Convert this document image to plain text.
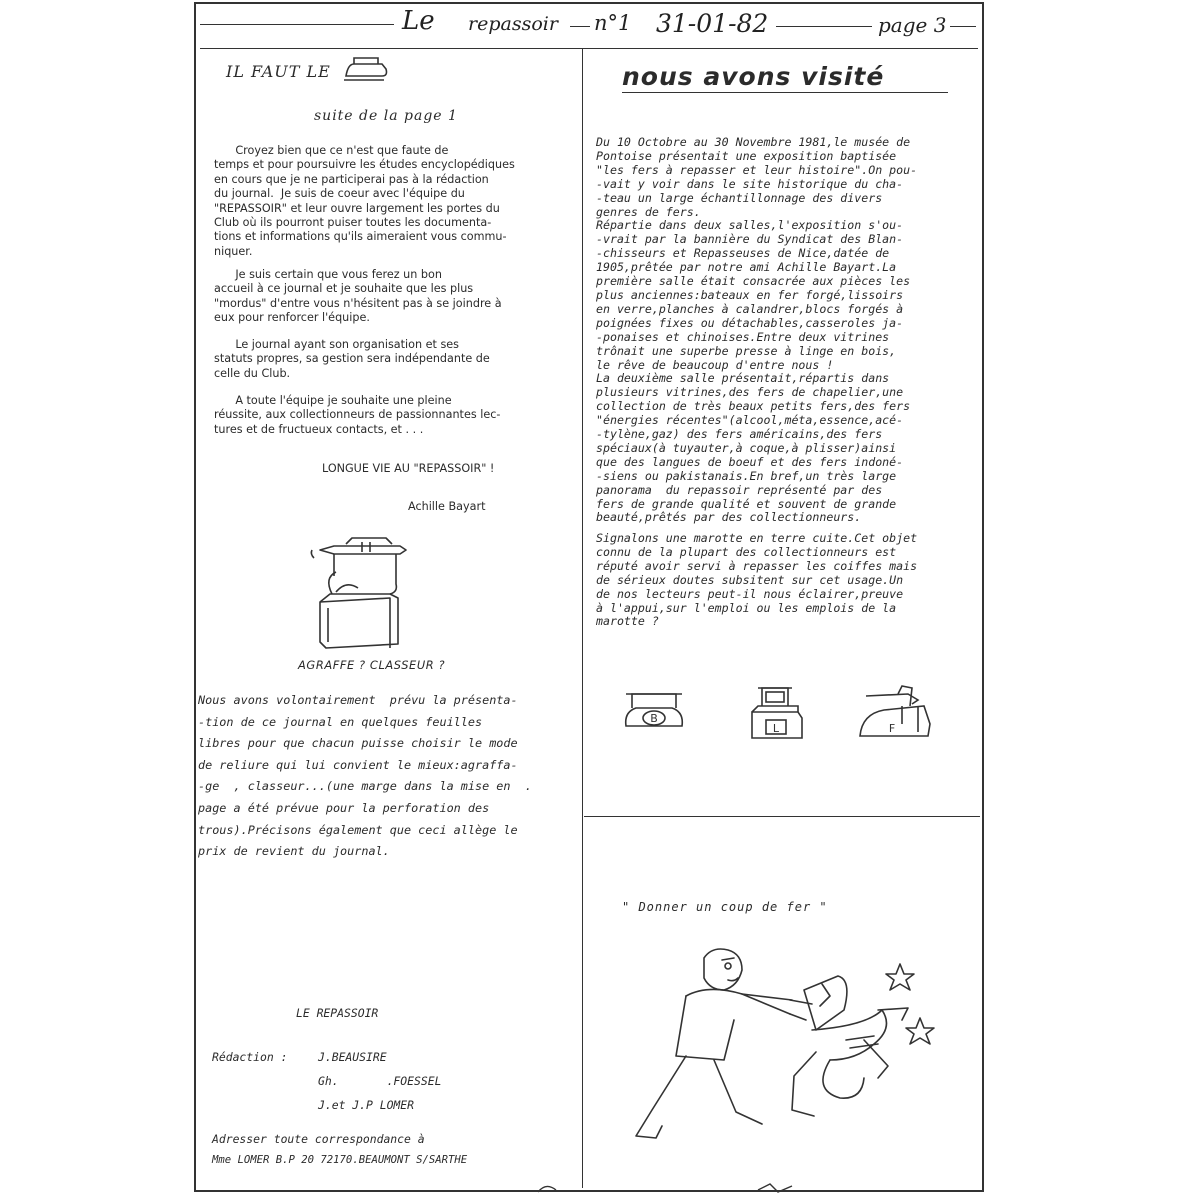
Le repassoir n°1 31-01-82	page 3
IL FAUT LE
suite de la page 1
Croyez bien que ce n'est que faute de
temps et pour poursuivre les études encyclopédiques
en cours que je ne participerai pas à la rédaction
du journal.  Je suis de coeur avec l'équipe du
"REPASSOIR" et leur ouvre largement les portes du
Club où ils pourront puiser toutes les documenta-
tions et informations qu'ils aimeraient vous commu-
niquer.
Je suis certain que vous ferez un bon
accueil à ce journal et je souhaite que les plus
"mordus" d'entre vous n'hésitent pas à se joindre à
eux pour renforcer l'équipe.
Le journal ayant son organisation et ses
statuts propres, sa gestion sera indépendante de
celle du Club.
A toute l'équipe je souhaite une pleine
réussite, aux collectionneurs de passionnantes lec-
tures et de fructueux contacts, et . . .
LONGUE VIE AU "REPASSOIR" !
Achille Bayart
AGRAFFE ? CLASSEUR ?
Nous avons volontairement  prévu la présenta-
-tion de ce journal en quelques feuilles
libres pour que chacun puisse choisir le mode
de reliure qui lui convient le mieux:agraffa-
-ge  , classeur...(une marge dans la mise en  .
page a été prévue pour la perforation des
trous).Précisons également que ceci allège le
prix de revient du journal.
LE REPASSOIR
Rédaction :	J.BEAUSIRE
Gh.       .FOESSEL
J.et J.P LOMER
Adresser toute correspondance à
Mme LOMER B.P 20 72170.BEAUMONT S/SARTHE
nous avons visité
Du 10 Octobre au 30 Novembre 1981,le musée de
Pontoise présentait une exposition baptisée
"les fers à repasser et leur histoire".On pou-
-vait y voir dans le site historique du cha-
-teau un large échantillonnage des divers
genres de fers.
Répartie dans deux salles,l'exposition s'ou-
-vrait par la bannière du Syndicat des Blan-
-chisseurs et Repasseuses de Nice,datée de
1905,prêtée par notre ami Achille Bayart.La
première salle était consacrée aux pièces les
plus anciennes:bateaux en fer forgé,lissoirs
en verre,planches à calandrer,blocs forgés à
poignées fixes ou détachables,casseroles ja-
-ponaises et chinoises.Entre deux vitrines
trônait une superbe presse à linge en bois,
le rêve de beaucoup d'entre nous !
La deuxième salle présentait,répartis dans
plusieurs vitrines,des fers de chapelier,une
collection de très beaux petits fers,des fers
"énergies récentes"(alcool,méta,essence,acé-
-tylène,gaz) des fers américains,des fers
spéciaux(à tuyauter,à coque,à plisser)ainsi
que des langues de boeuf et des fers indoné-
-siens ou pakistanais.En bref,un très large
panorama  du repassoir représenté par des
fers de grande qualité et souvent de grande
beauté,prêtés par des collectionneurs.
Signalons une marotte en terre cuite.Cet objet
connu de la plupart des collectionneurs est
réputé avoir servi à repasser les coiffes mais
de sérieux doutes subsitent sur cet usage.Un
de nos lecteurs peut-il nous éclairer,preuve
à l'appui,sur l'emploi ou les emplois de la
marotte ?
B
L	F
" Donner un coup de fer "
